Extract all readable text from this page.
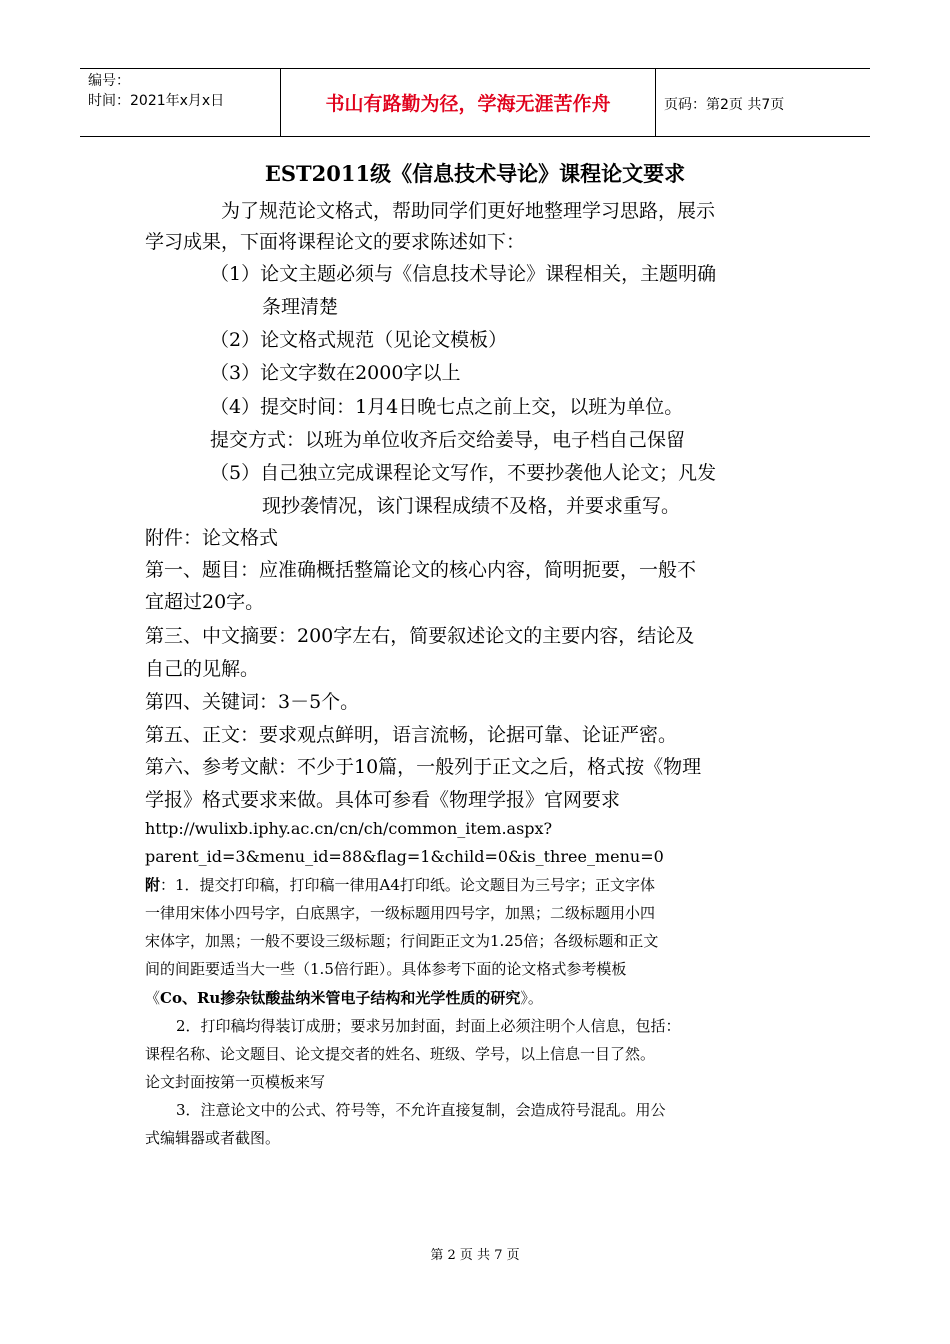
编号：
时间：2021年x月x日	书山有路勤为径，学海无涯苦作舟	页码：第2页 共7页
EST2011级《信息技术导论》课程论文要求
为了规范论文格式，帮助同学们更好地整理学习思路，展示
学习成果，下面将课程论文的要求陈述如下：
（1）论文主题必须与《信息技术导论》课程相关，主题明确
条理清楚
（2）论文格式规范（见论文模板）
（3）论文字数在2000字以上
（4）提交时间：1月4日晚七点之前上交，以班为单位。
提交方式：以班为单位收齐后交给姜导，电子档自己保留
（5）自己独立完成课程论文写作，不要抄袭他人论文；凡发
现抄袭情况，该门课程成绩不及格，并要求重写。
附件：论文格式
第一、题目：应准确概括整篇论文的核心内容，简明扼要，一般不
宜超过20字。
第三、中文摘要：200字左右，简要叙述论文的主要内容，结论及
自己的见解。
第四、关键词：3－5个。
第五、正文：要求观点鲜明，语言流畅，论据可靠、论证严密。
第六、参考文献：不少于10篇，一般列于正文之后，格式按《物理
学报》格式要求来做。具体可参看《物理学报》官网要求
http://wulixb.iphy.ac.cn/cn/ch/common_item.aspx?
parent_id=3&menu_id=88&flag=1&child=0&is_three_menu=0
附：1．提交打印稿，打印稿一律用A4打印纸。论文题目为三号字；正文字体
一律用宋体小四号字，白底黑字，一级标题用四号字，加黑；二级标题用小四
宋体字，加黑；一般不要设三级标题；行间距正文为1.25倍；各级标题和正文
间的间距要适当大一些（1.5倍行距）。具体参考下面的论文格式参考模板
《Co、Ru掺杂钛酸盐纳米管电子结构和光学性质的研究》。
2．打印稿均得装订成册；要求另加封面，封面上必须注明个人信息，包括：
课程名称、论文题目、论文提交者的姓名、班级、学号，以上信息一目了然。
论文封面按第一页模板来写
3．注意论文中的公式、符号等，不允许直接复制，会造成符号混乱。用公
式编辑器或者截图。
第 2 页 共 7 页
